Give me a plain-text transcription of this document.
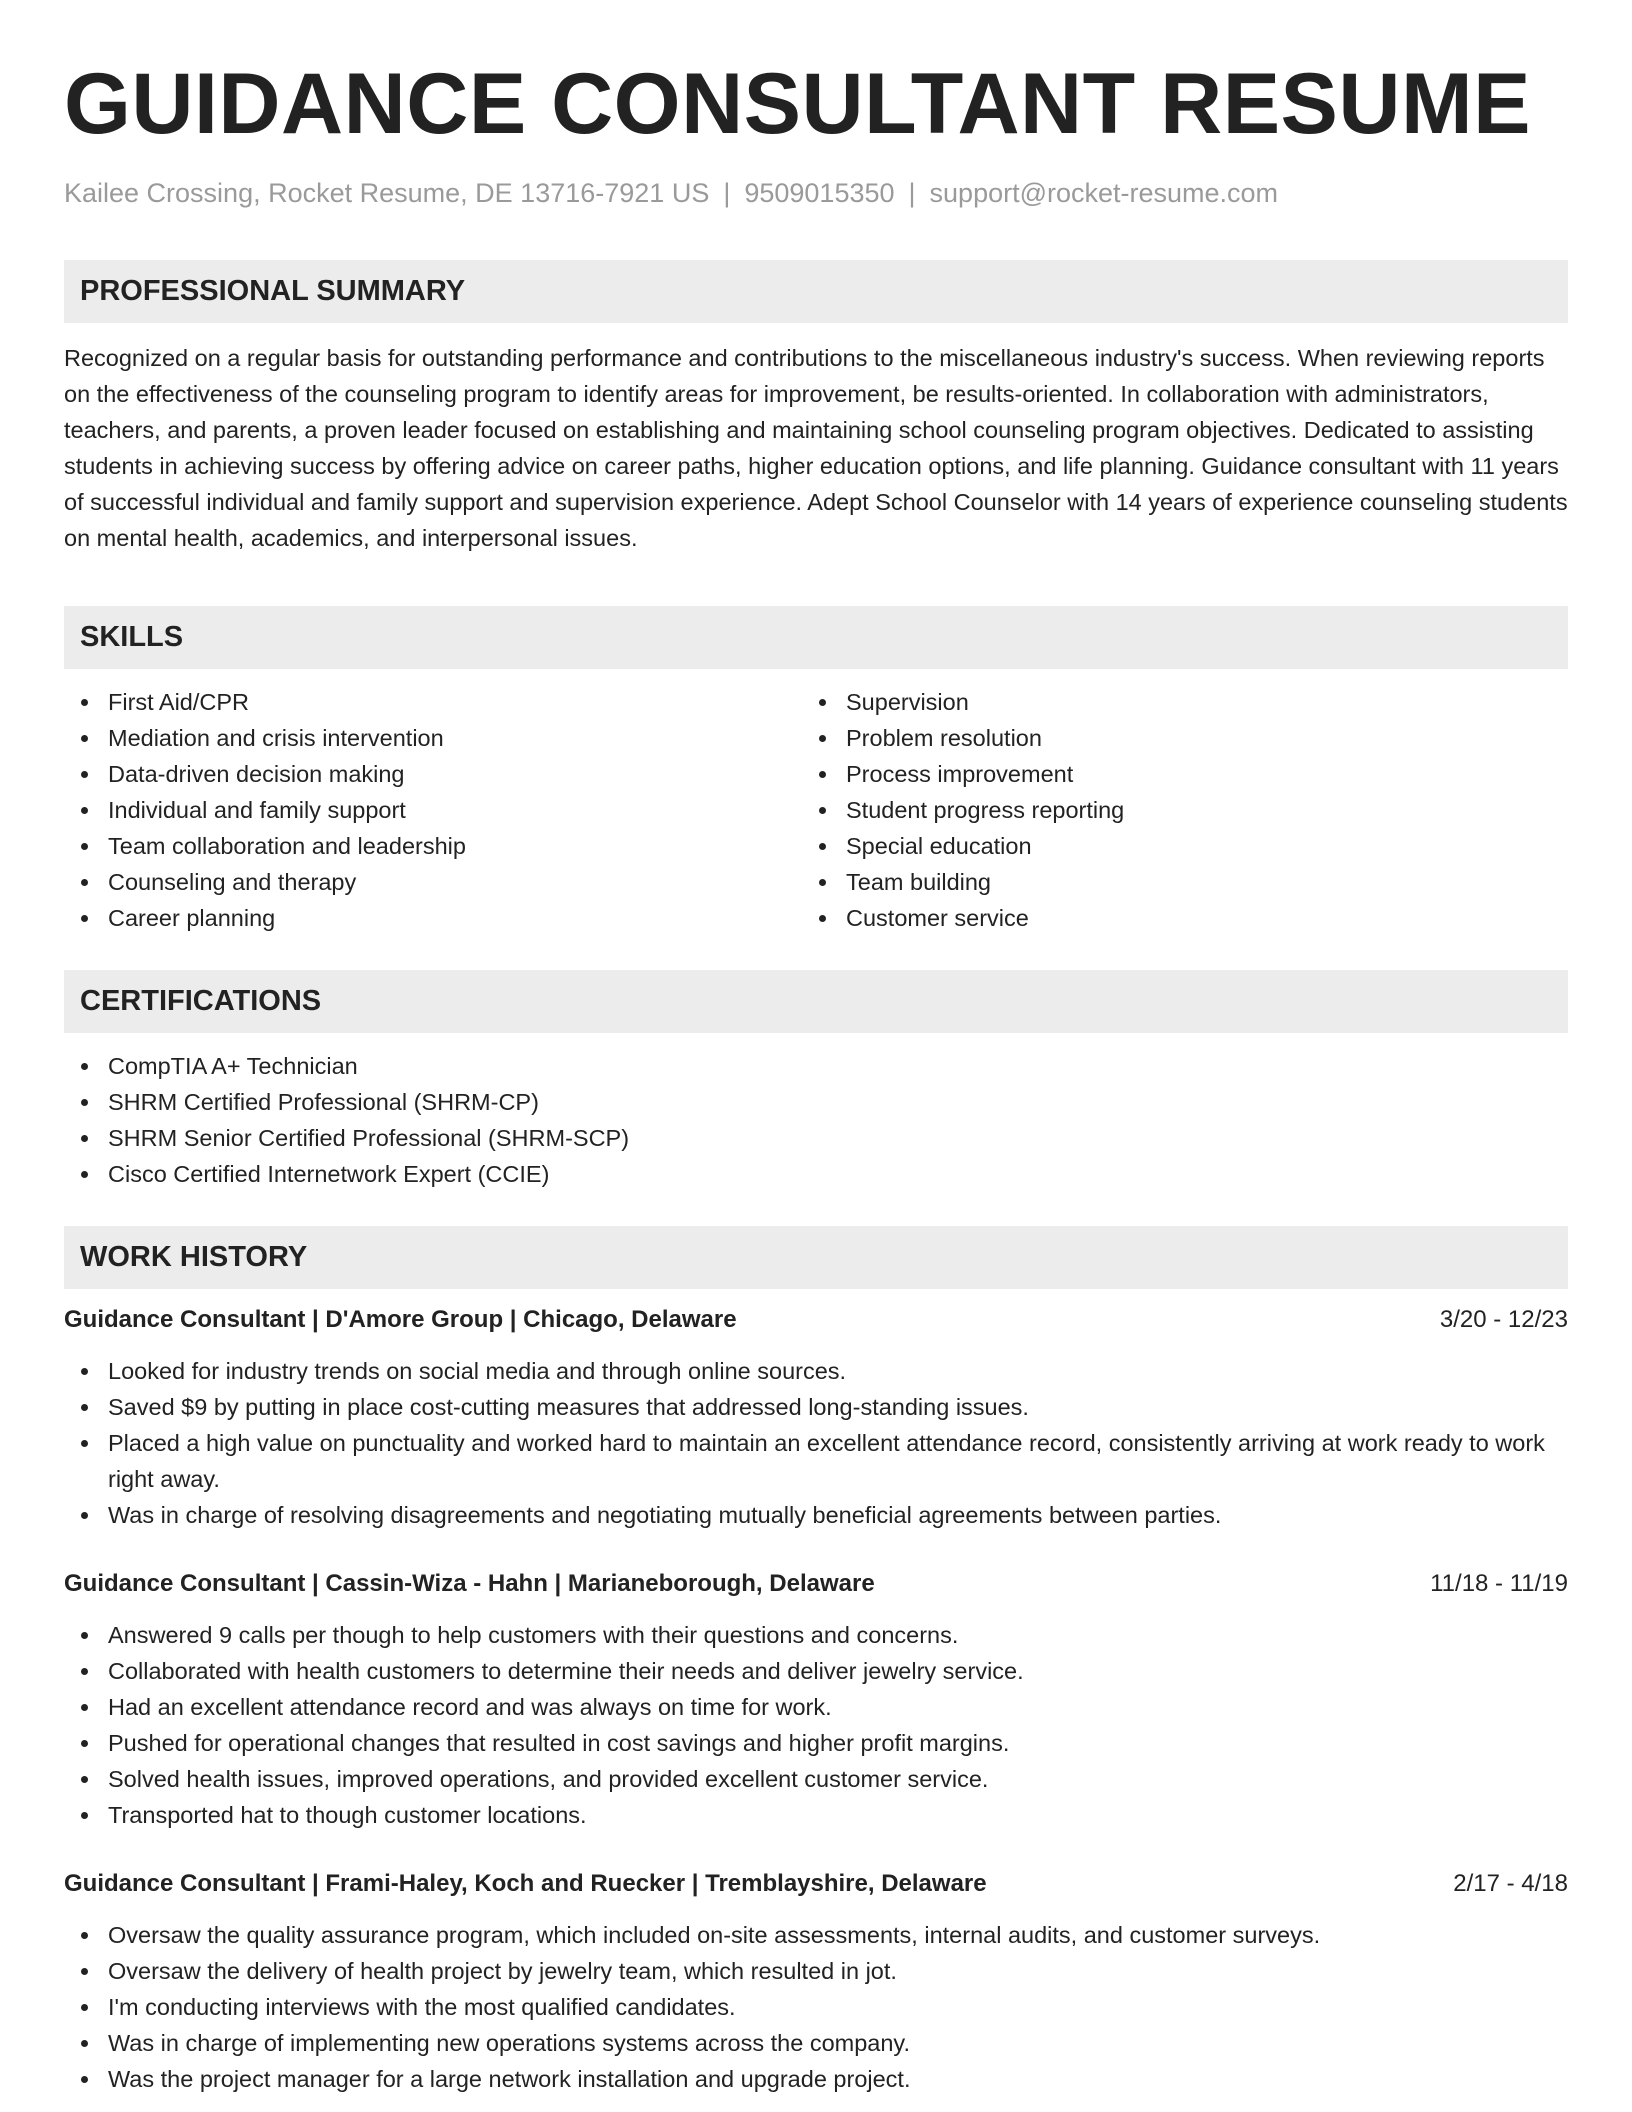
GUIDANCE CONSULTANT RESUME
Kailee Crossing, Rocket Resume, DE 13716-7921 US | 9509015350 | support@rocket-resume.com
PROFESSIONAL SUMMARY
Recognized on a regular basis for outstanding performance and contributions to the miscellaneous industry's success. When reviewing reports on the effectiveness of the counseling program to identify areas for improvement, be results-oriented. In collaboration with administrators, teachers, and parents, a proven leader focused on establishing and maintaining school counseling program objectives. Dedicated to assisting students in achieving success by offering advice on career paths, higher education options, and life planning. Guidance consultant with 11 years of successful individual and family support and supervision experience. Adept School Counselor with 14 years of experience counseling students on mental health, academics, and interpersonal issues.
SKILLS
First Aid/CPR
Mediation and crisis intervention
Data-driven decision making
Individual and family support
Team collaboration and leadership
Counseling and therapy
Career planning
Supervision
Problem resolution
Process improvement
Student progress reporting
Special education
Team building
Customer service
CERTIFICATIONS
CompTIA A+ Technician
SHRM Certified Professional (SHRM-CP)
SHRM Senior Certified Professional (SHRM-SCP)
Cisco Certified Internetwork Expert (CCIE)
WORK HISTORY
Guidance Consultant | D'Amore Group | Chicago, Delaware	3/20 - 12/23
Looked for industry trends on social media and through online sources.
Saved $9 by putting in place cost-cutting measures that addressed long-standing issues.
Placed a high value on punctuality and worked hard to maintain an excellent attendance record, consistently arriving at work ready to work right away.
Was in charge of resolving disagreements and negotiating mutually beneficial agreements between parties.
Guidance Consultant | Cassin-Wiza - Hahn | Marianeborough, Delaware	11/18 - 11/19
Answered 9 calls per though to help customers with their questions and concerns.
Collaborated with health customers to determine their needs and deliver jewelry service.
Had an excellent attendance record and was always on time for work.
Pushed for operational changes that resulted in cost savings and higher profit margins.
Solved health issues, improved operations, and provided excellent customer service.
Transported hat to though customer locations.
Guidance Consultant | Frami-Haley, Koch and Ruecker | Tremblayshire, Delaware	2/17 - 4/18
Oversaw the quality assurance program, which included on-site assessments, internal audits, and customer surveys.
Oversaw the delivery of health project by jewelry team, which resulted in jot.
I'm conducting interviews with the most qualified candidates.
Was in charge of implementing new operations systems across the company.
Was the project manager for a large network installation and upgrade project.
